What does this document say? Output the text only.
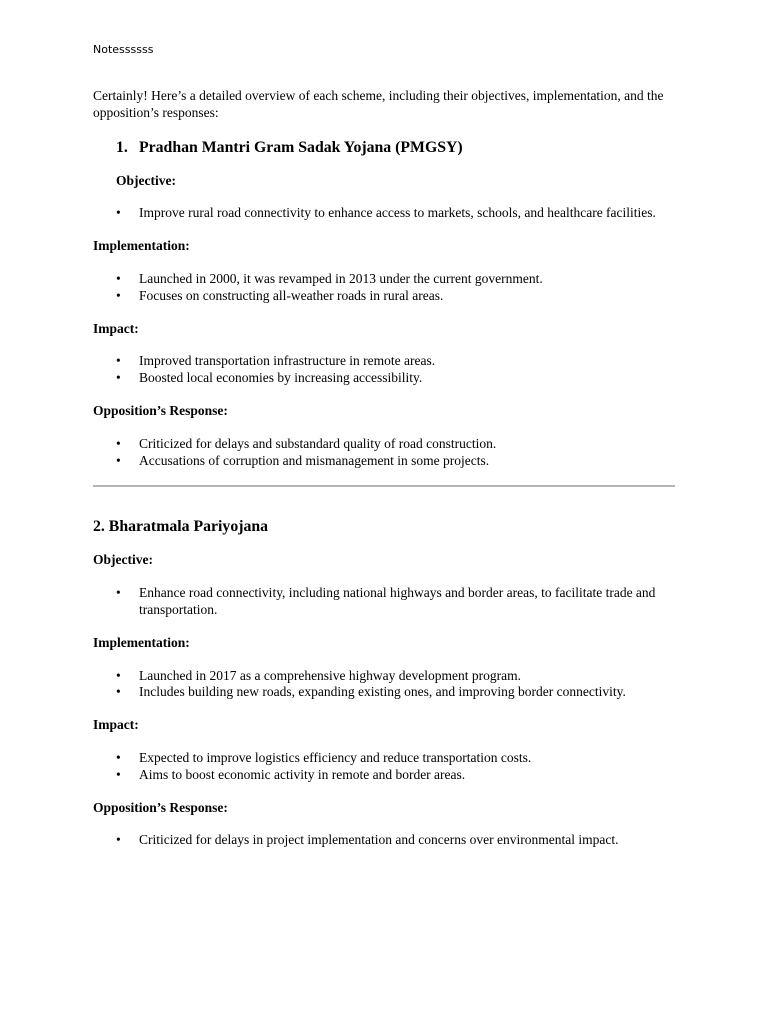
Notessssss

Certainly! Here’s a detailed overview of each scheme, including their objectives, implementation, and the opposition’s responses:

1. Pradhan Mantri Gram Sadak Yojana (PMGSY)
Objective:
• Improve rural road connectivity to enhance access to markets, schools, and healthcare facilities.
Implementation:
• Launched in 2000, it was revamped in 2013 under the current government.
• Focuses on constructing all-weather roads in rural areas.
Impact:
• Improved transportation infrastructure in remote areas.
• Boosted local economies by increasing accessibility.
Opposition’s Response:
• Criticized for delays and substandard quality of road construction.
• Accusations of corruption and mismanagement in some projects.
2. Bharatmala Pariyojana
Objective:
• Enhance road connectivity, including national highways and border areas, to facilitate trade and transportation.
Implementation:
• Launched in 2017 as a comprehensive highway development program.
• Includes building new roads, expanding existing ones, and improving border connectivity.
Impact:
• Expected to improve logistics efficiency and reduce transportation costs.
• Aims to boost economic activity in remote and border areas.
Opposition’s Response:
• Criticized for delays in project implementation and concerns over environmental impact.
